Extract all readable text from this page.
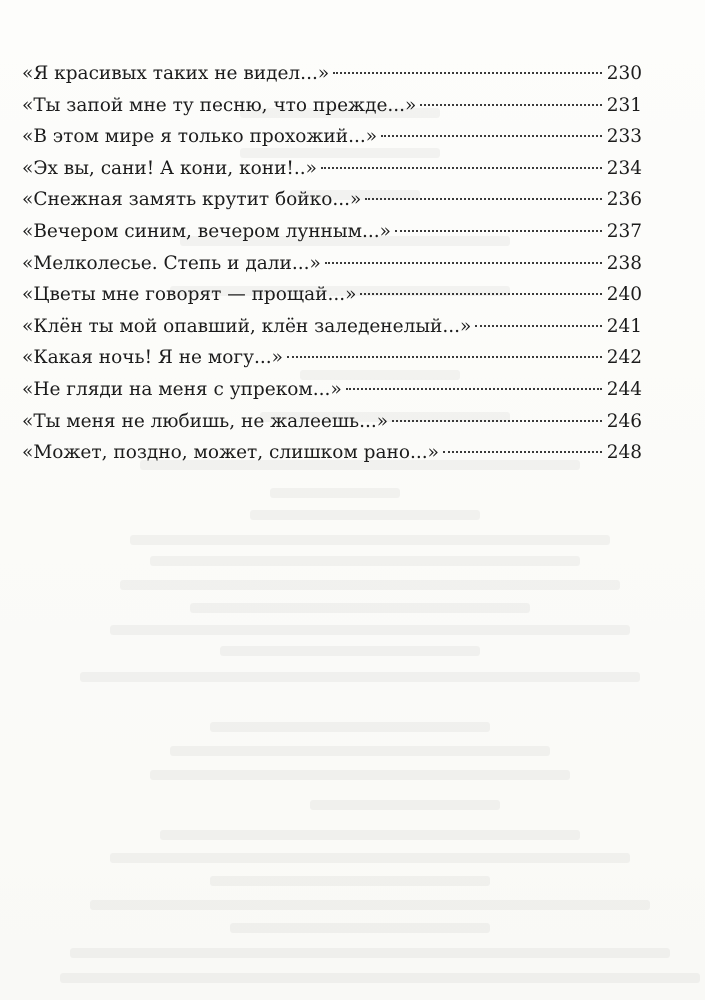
«Я красивых таких не видел...»	230
«Ты запой мне ту песню, что прежде...»	231
«В этом мире я только прохожий...»	233
«Эх вы, сани! А кони, кони!..»	234
«Снежная замять крутит бойко...»	236
«Вечером синим, вечером лунным...»	237
«Мелколесье. Степь и дали...»	238
«Цветы мне говорят — прощай...»	240
«Клён ты мой опавший, клён заледенелый...»	241
«Какая ночь! Я не могу...»	242
«Не гляди на меня с упреком...»	244
«Ты меня не любишь, не жалеешь...»	246
«Может, поздно, может, слишком рано...»	248
